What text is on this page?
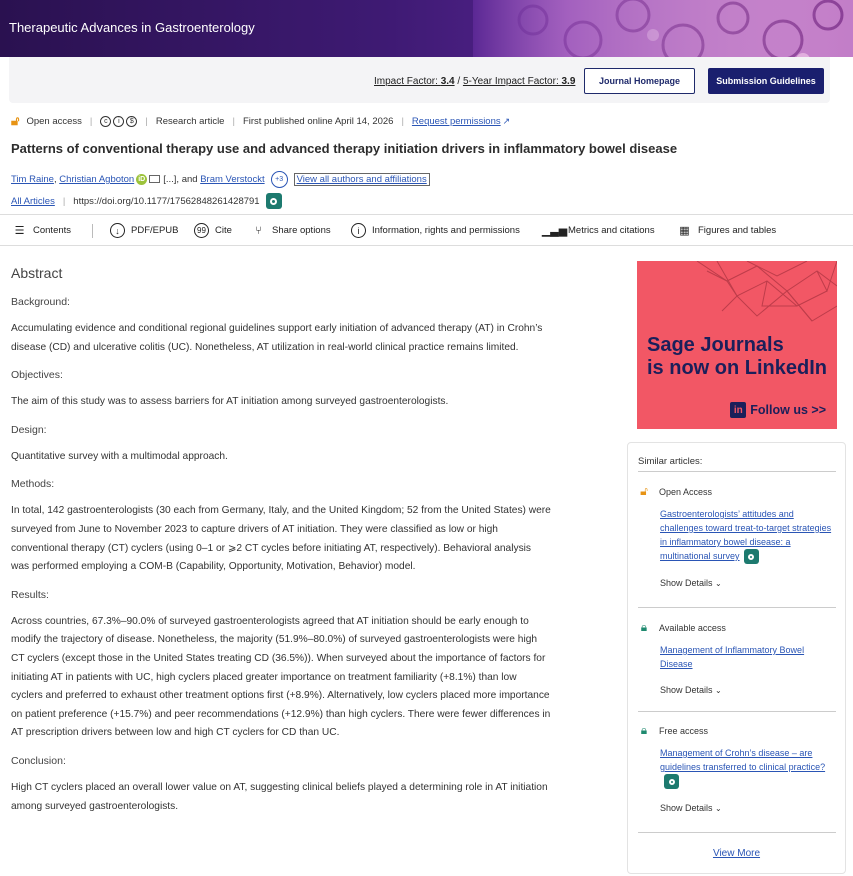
Therapeutic Advances in Gastroenterology
Impact Factor: 3.4 / 5-Year Impact Factor: 3.9	Journal Homepage	Submission Guidelines
🔓︎ Open access |	c	i	$	| Research article | First published online April 14, 2026 | Request permissions ↗
Patterns of conventional therapy use and advanced therapy initiation drivers in inflammatory bowel disease
Tim Raine , Christian Agboton iD [...], and
Bram Verstockt	+3	View all authors and affiliations
All Articles | https://doi.org/10.1177/17562848261428791
☰ Contents	↓	PDF/EPUB	99 Cite	⑂	Share options	i	Information, rights and permissions ▁▃▅ Metrics and citations ▦ Figures and tables
Abstract
Background:
Accumulating evidence and conditional regional guidelines support early initiation of advanced therapy (AT) in Crohn’s disease (CD) and ulcerative colitis (UC). Nonetheless, AT utilization in real-world clinical practice remains limited.
Objectives:
The aim of this study was to assess barriers for AT initiation among surveyed gastroenterologists.
Design:
Quantitative survey with a multimodal approach.
Methods:
In total, 142 gastroenterologists (30 each from Germany, Italy, and the United Kingdom; 52 from the United States) were surveyed from June to November 2023 to capture drivers of AT initiation. They were classified as low or high conventional therapy (CT) cyclers (using 0–1 or ⩾2 CT cycles before initiating AT, respectively). Behavioral analysis was performed employing a COM-B (Capability, Opportunity, Motivation, Behavior) model.
Results:
Across countries, 67.3%–90.0% of surveyed gastroenterologists agreed that AT initiation should be early enough to modify the trajectory of disease. Nonetheless, the majority (51.9%–80.0%) of surveyed gastroenterologists were high CT cyclers (except those in the United States treating CD (36.5%)). When surveyed about the importance of factors for initiating AT in patients with UC, high cyclers placed greater importance on treatment familiarity (+8.1%) than low cyclers and preferred to exhaust other treatment options first (+8.9%). Alternatively, low cyclers placed more importance on patient preference (+15.7%) and peer recommendations (+12.9%) than high cyclers. There were fewer differences in AT prescription drivers between low and high CT cyclers for CD than UC.
Conclusion:
High CT cyclers placed an overall lower value on AT, suggesting clinical beliefs played a determining role in AT initiation among surveyed gastroenterologists.
Sage Journals
is now on LinkedIn
in Follow us >>
Similar articles:
🔓︎ Open Access
Gastroenterologists’ attitudes and challenges toward treat-to-target strategies in inflammatory bowel disease: a multinational survey
Show Details ⌄
🔒︎	Available access
Management of Inflammatory Bowel Disease
Show Details ⌄
🔒︎	Free access
Management of Crohn’s disease – are guidelines transferred to clinical practice?
Show Details ⌄
View More
